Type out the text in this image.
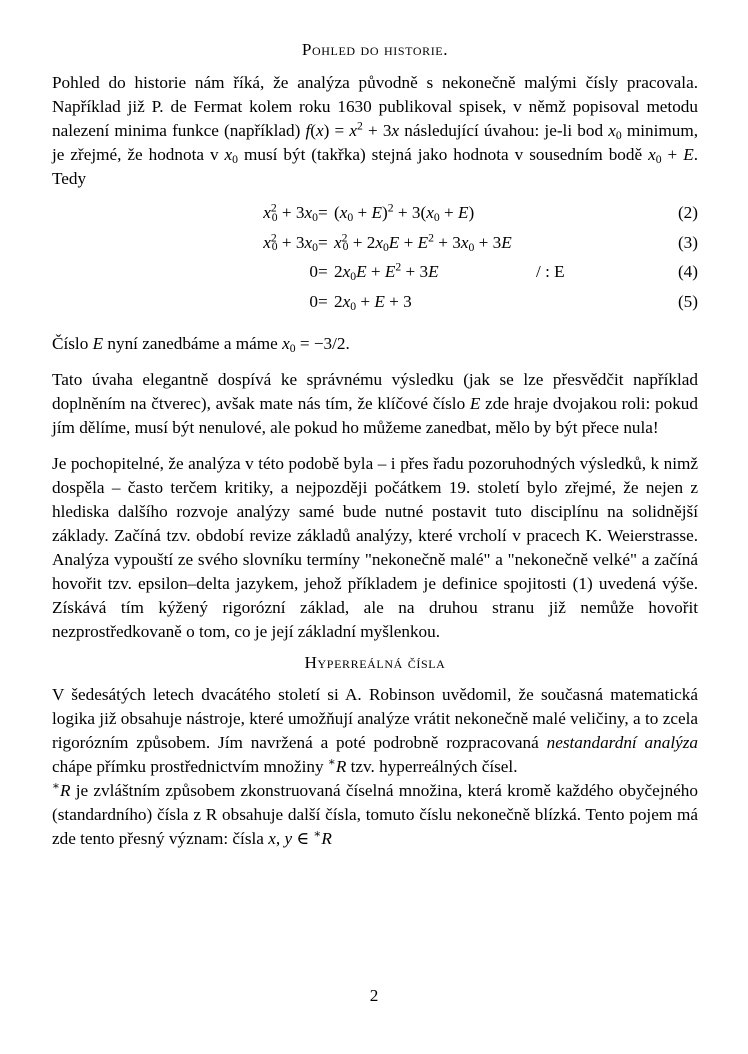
Pohled do historie.

Pohled do historie nám říká, že analýza původně s nekonečně malými čísly pracovala. Například již P. de Fermat kolem roku 1630 publikoval spisek, v němž popisoval metodu nalezení minima funkce (například) $f(x) = x^2 + 3x$ následující úvahou: je-li bod $x_0$ minimum, je zřejmé, že hodnota v $x_0$ musí být (takřka) stejná jako hodnota v sousedním bodě $x_0 + E$. Tedy

$x^2_0 + 3x_0 = (x_0 + E)^2 + 3(x_0 + E)$	(2)
$x^2_0 + 3x_0 = x^2_0 + 2x_0E + E^2 + 3x_0 + 3E$	(3)
$0 = 2x_0E + E^2 + 3E$	/ : E	(4)
$0 = 2x_0 + E + 3$	(5)

Číslo E nyní zanedbáme a máme $x_0 = -3/2$.

Tato úvaha elegantně dospívá ke správnému výsledku (jak se lze přesvědčit například doplněním na čtverec), avšak mate nás tím, že klíčové číslo E zde hraje dvojakou roli: pokud jím dělíme, musí být nenulové, ale pokud ho můžeme zanedbat, mělo by být přece nula!

Je pochopitelné, že analýza v této podobě byla – i přes řadu pozoruhodných výsledků, k nimž dospěla – často terčem kritiky, a nejpozději počátkem 19. století bylo zřejmé, že nejen z hlediska dalšího rozvoje analýzy samé bude nutné postavit tuto disciplínu na solidnější základy. Začíná tzv. období revize základů analýzy, které vrcholí v pracech K. Weierstrasse. Analýza vypouští ze svého slovníku termíny "nekonečně malé" a "nekonečně velké" a začíná hovořit tzv. epsilon–delta jazykem, jehož příkladem je definice spojitosti (1) uvedená výše. Získává tím kýžený rigorózní základ, ale na druhou stranu již nemůže hovořit nezprostředkovaně o tom, co je její základní myšlenkou.

Hyperreálná čísla

V šedesátých letech dvacátého století si A. Robinson uvědomil, že současná matematická logika již obsahuje nástroje, které umožňují analýze vrátit nekonečně malé veličiny, a to zcela rigorózním způsobem. Jím navržená a poté podrobně rozpracovaná nestandardní analýza chápe přímku prostřednictvím množiny ∗R tzv. hyperreálných čísel.

∗R je zvláštním způsobem zkonstruovaná číselná množina, která kromě každého obyčejného (standardního) čísla z R obsahuje další čísla, tomuto číslu nekonečně blízká. Tento pojem má zde tento přesný význam: čísla x, y ∈ ∗R

2
